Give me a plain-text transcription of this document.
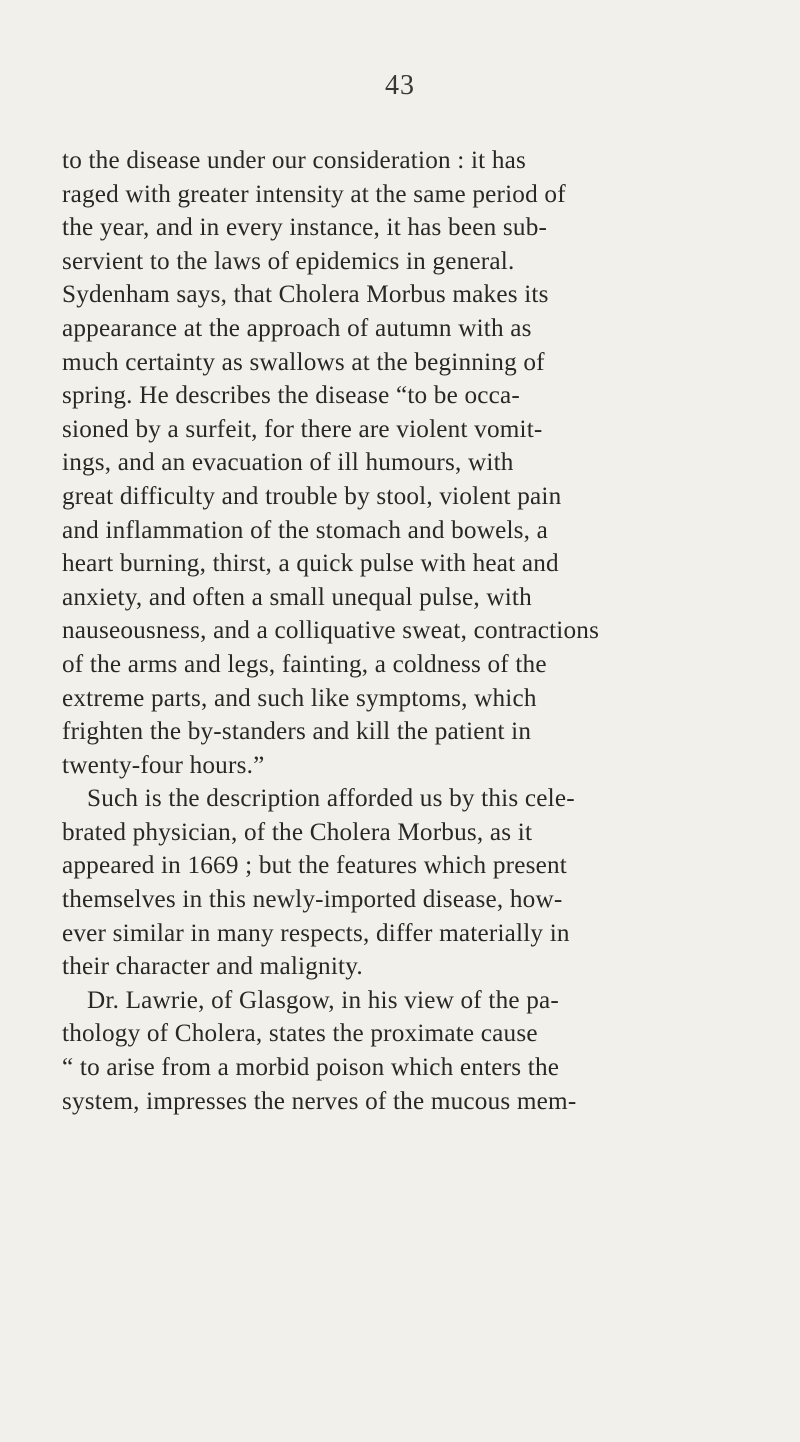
43
to the disease under our consideration : it has
raged with greater intensity at the same period of
the year, and in every instance, it has been sub-
servient to the laws of epidemics in general.
Sydenham says, that Cholera Morbus makes its
appearance at the approach of autumn with as
much certainty as swallows at the beginning of
spring. He describes the disease “to be occa-
sioned by a surfeit, for there are violent vomit-
ings, and an evacuation of ill humours, with
great difficulty and trouble by stool, violent pain
and inflammation of the stomach and bowels, a
heart burning, thirst, a quick pulse with heat and
anxiety, and often a small unequal pulse, with
nauseousness, and a colliquative sweat, contractions
of the arms and legs, fainting, a coldness of the
extreme parts, and such like symptoms, which
frighten the by-standers and kill the patient in
twenty-four hours.”
Such is the description afforded us by this cele-
brated physician, of the Cholera Morbus, as it
appeared in 1669 ; but the features which present
themselves in this newly-imported disease, how-
ever similar in many respects, differ materially in
their character and malignity.
Dr. Lawrie, of Glasgow, in his view of the pa-
thology of Cholera, states the proximate cause
“ to arise from a morbid poison which enters the
system, impresses the nerves of the mucous mem-
